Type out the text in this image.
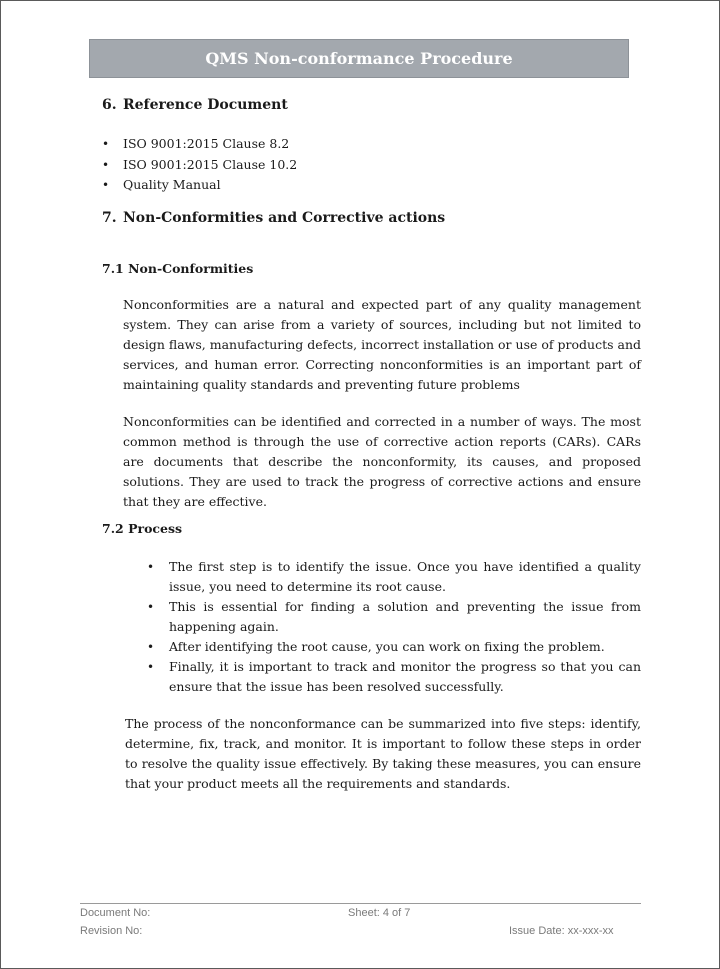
QMS Non-conformance Procedure
6. Reference Document
• ISO 9001:2015 Clause 8.2
• ISO 9001:2015 Clause 10.2
• Quality Manual
7. Non-Conformities and Corrective actions
7.1 Non-Conformities

Nonconformities are a natural and expected part of any quality management system. They can arise from a variety of sources, including but not limited to design flaws, manufacturing defects, incorrect installation or use of products and services, and human error. Correcting nonconformities is an important part of maintaining quality standards and preventing future problems

Nonconformities can be identified and corrected in a number of ways. The most common method is through the use of corrective action reports (CARs). CARs are documents that describe the nonconformity, its causes, and proposed solutions. They are used to track the progress of corrective actions and ensure that they are effective.

7.2 Process
• The first step is to identify the issue. Once you have identified a quality issue, you need to determine its root cause.
• This is essential for finding a solution and preventing the issue from happening again.
• After identifying the root cause, you can work on fixing the problem.
• Finally, it is important to track and monitor the progress so that you can ensure that the issue has been resolved successfully.

The process of the nonconformance can be summarized into five steps: identify, determine, fix, track, and monitor. It is important to follow these steps in order to resolve the quality issue effectively. By taking these measures, you can ensure that your product meets all the requirements and standards.

Document No:	Sheet: 4 of 7
Revision No:	Issue Date: xx-xxx-xx
